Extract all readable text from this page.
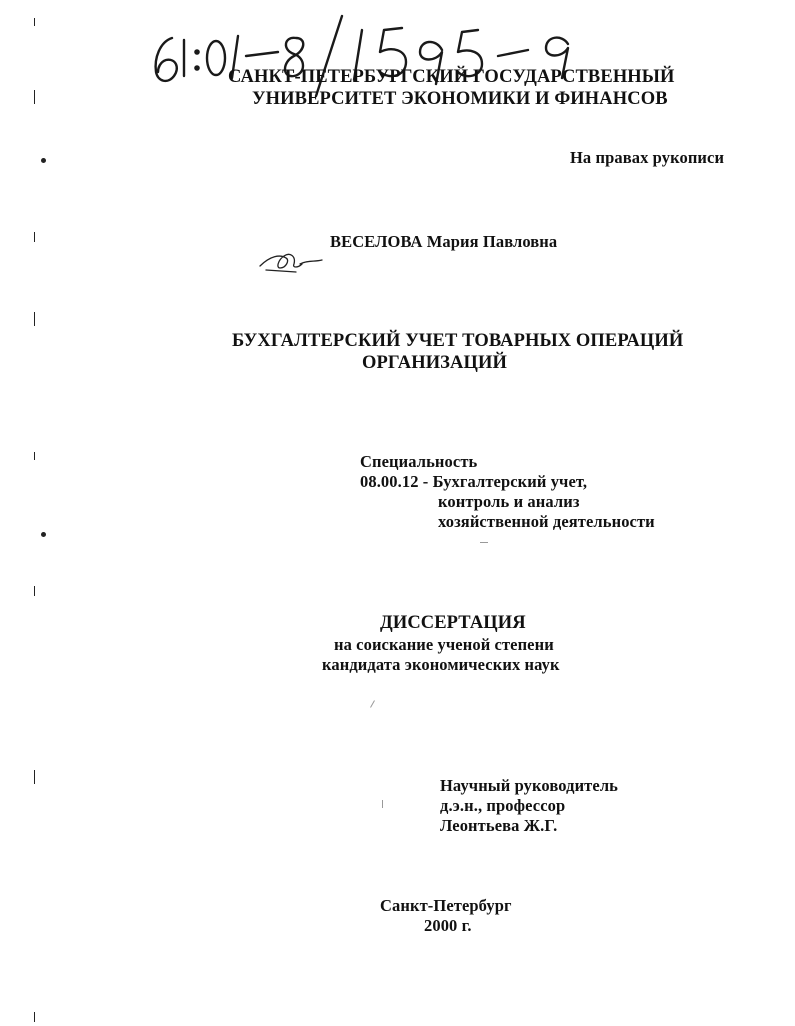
САНКТ-ПЕТЕРБУРГСКИЙ ГОСУДАРСТВЕННЫЙ
УНИВЕРСИТЕТ ЭКОНОМИКИ И ФИНАНСОВ
На правах рукописи
ВЕСЕЛОВА Мария Павловна
БУХГАЛТЕРСКИЙ УЧЕТ ТОВАРНЫХ ОПЕРАЦИЙ
ОРГАНИЗАЦИЙ
Специальность
08.00.12 - Бухгалтерский учет,
контроль и анализ
хозяйственной деятельности
ДИССЕРТАЦИЯ
на соискание ученой степени
кандидата экономических наук
Научный руководитель
д.э.н., профессор
Леонтьева Ж.Г.
Санкт-Петербург
2000 г.
